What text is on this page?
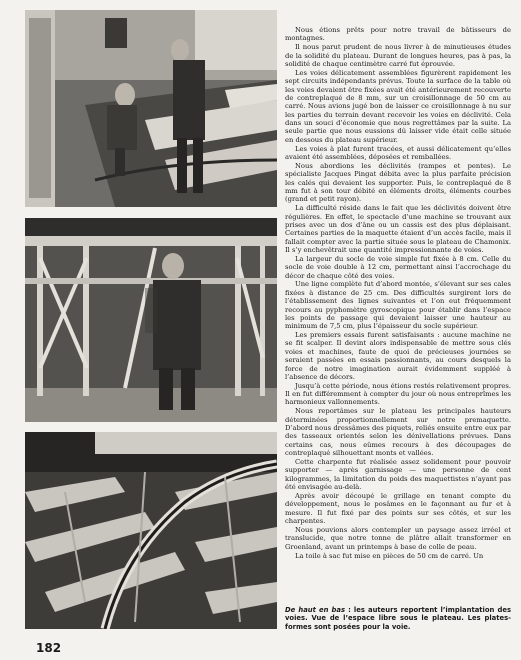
Nous étions prêts pour notre travail de bâtisseurs de montagnes.

Il nous parut prudent de nous livrer à de minutieuses études de la solidité du plateau. Durant de longues heures, pas à pas, la solidité de chaque centimètre carré fut éprouvée.

Les voies délicatement assemblées figurèrent rapidement les sept circuits indépendants prévus. Toute la surface de la table où les voies devaient être fixées avait été antérieurement recouverte de contreplaqué de 8 mm, sur un croisillonnage de 50 cm au carré. Nous avions jugé bon de laisser ce croisillonnage à nu sur les parties du terrain devant recevoir les voies en déclivité. Cela dans un souci d’économie que nous regrettâmes par la suite. La seule partie que nous eussions dû laisser vide était celle située en dessous du plateau supérieur.

Les voies à plat furent tracées, et aussi délicatement qu’elles avaient été assemblées, déposées et remballées.

Nous abordions les déclivités (rampes et pentes). Le spécialiste Jacques Pingat débita avec la plus parfaite précision les calés qui devaient les supporter. Puis, le contreplaqué de 8 mm fut à son tour débité en éléments droits, éléments courbes (grand et petit rayon).

La difficulté réside dans le fait que les déclivités doivent être régulières. En effet, le spectacle d’une machine se trouvant aux prises avec un dos d’âne ou un cassis est des plus déplaisant. Certaines parties de la maquette étaient d’un accès facile, mais il fallait compter avec la partie située sous le plateau de Chamonix. Il s’y enchevêtrait une quantité impressionnante de voies.

La largeur du socle de voie simple fut fixée à 8 cm. Celle du socle de voie double à 12 cm, permettant ainsi l’accrochage du décor de chaque côté des voies.

Une ligne complète fut d’abord montée, s’élevant sur ses cales fixées à distance de 25 cm. Des difficultés surgirent lors de l’établissement des lignes suivantes et l’on eut fréquemment recours au pyphomètre gyroscopique pour établir dans l’espace les points de passage qui devaient laisser une hauteur au minimum de 7,5 cm, plus l’épaisseur du socle supérieur.

Les premiers essais furent satisfaisants : aucune machine ne se fit scalper. Il devint alors indispensable de mettre sous clés voies et machines, faute de quoi de précieuses journées se seraient passées en essais passionnants, au cours desquels la force de notre imagination aurait évidemment suppléé à l’absence de décors.

Jusqu’à cette période, nous étions restés relativement propres. Il en fut différemment à compter du jour où nous entreprîmes les harmonieux vallonnements.

Nous reportâmes sur le plateau les principales hauteurs déterminées proportionnellement sur notre premaquette. D’abord nous dressâmes des piquets, reliés ensuite entre eux par des tasseaux orientés selon les dénivellations prévues. Dans certains cas, nous eûmes recours à des découpages de contreplaqué silhouettant monts et vallées.

Cette charpente fut réalisée assez solidement pour pouvoir supporter — après garnissage — une personne de cent kilogrammes, la limitation du poids des maquettistes n’ayant pas été envisagée au-delà.

Après avoir découpé le grillage en tenant compte du développement, nous le posâmes en le façonnant au fur et à mesure. Il fut fixé par des points sur ses côtés, et sur les charpentes.

Nous pouvions alors contempler un paysage assez irréel et translucide, que notre tonne de plâtre allait transformer en Groenland, avant un printemps à base de colle de peau.

La toile à sac fut mise en pièces de 50 cm de carré. Un

De haut en bas : les auteurs reportent l’implantation des voies. Vue de l’espace libre sous le plateau. Les plates-formes sont posées pour la voie.
182
